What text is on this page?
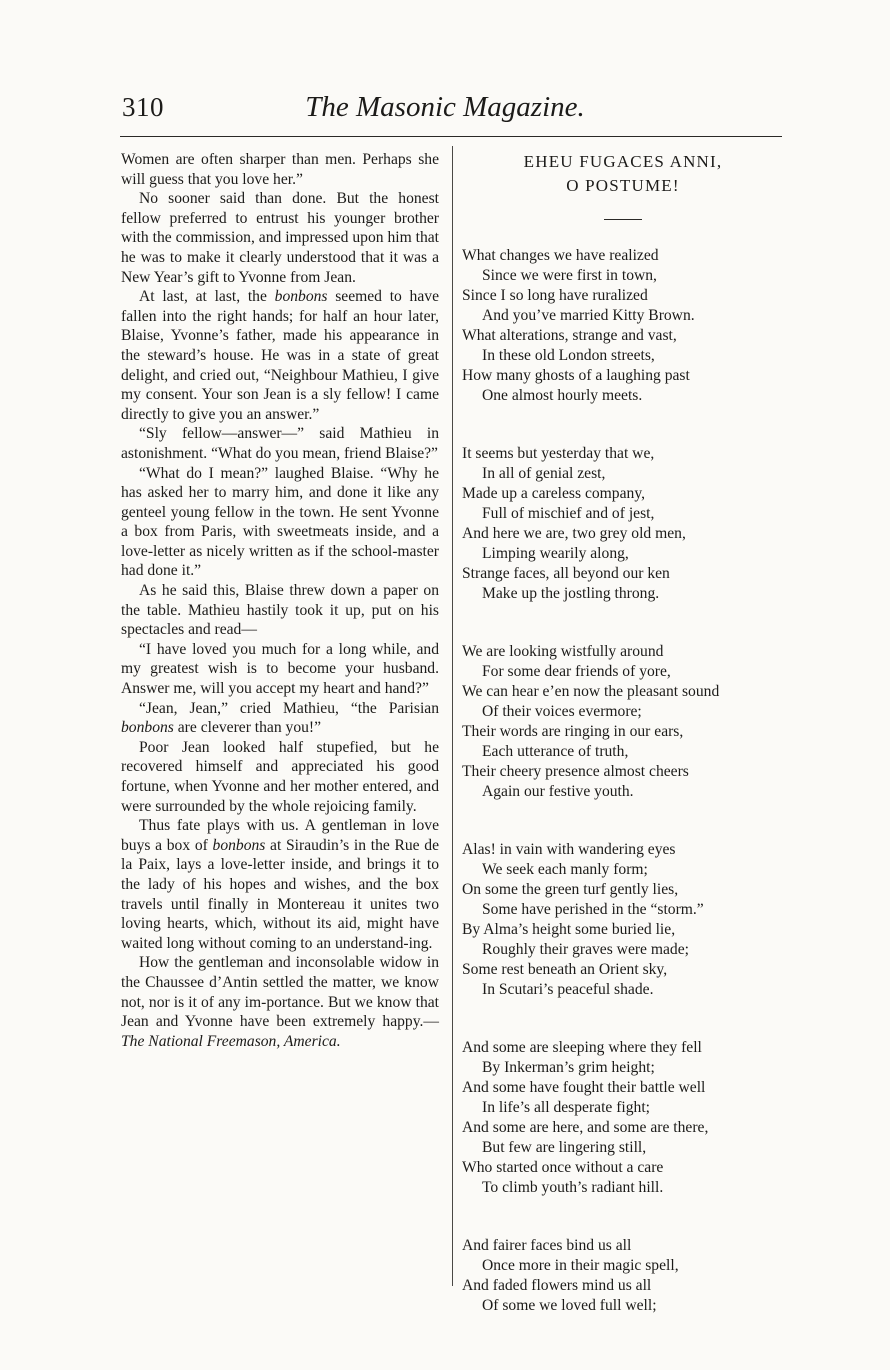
310	The Masonic Magazine.

Women are often sharper than men. Perhaps she will guess that you love her.”

No sooner said than done. But the honest fellow preferred to entrust his younger brother with the commission, and impressed upon him that he was to make it clearly understood that it was a New Year’s gift to Yvonne from Jean.

At last, at last, the bonbons seemed to have fallen into the right hands; for half an hour later, Blaise, Yvonne’s father, made his appearance in the steward’s house. He was in a state of great delight, and cried out, “Neighbour Mathieu, I give my consent. Your son Jean is a sly fellow! I came directly to give you an answer.”

“Sly fellow—answer—” said Mathieu in astonishment. “What do you mean, friend Blaise?”

“What do I mean?” laughed Blaise. “Why he has asked her to marry him, and done it like any genteel young fellow in the town. He sent Yvonne a box from Paris, with sweetmeats inside, and a love-letter as nicely written as if the school-master had done it.”

As he said this, Blaise threw down a paper on the table. Mathieu hastily took it up, put on his spectacles and read—

“I have loved you much for a long while, and my greatest wish is to become your husband. Answer me, will you accept my heart and hand?”

“Jean, Jean,” cried Mathieu, “the Parisian bonbons are cleverer than you!”

Poor Jean looked half stupefied, but he recovered himself and appreciated his good fortune, when Yvonne and her mother entered, and were surrounded by the whole rejoicing family.

Thus fate plays with us. A gentleman in love buys a box of bonbons at Siraudin’s in the Rue de la Paix, lays a love-letter inside, and brings it to the lady of his hopes and wishes, and the box travels until finally in Montereau it unites two loving hearts, which, without its aid, might have waited long without coming to an understand-ing.

How the gentleman and inconsolable widow in the Chaussee d’Antin settled the matter, we know not, nor is it of any im-portance. But we know that Jean and Yvonne have been extremely happy.—The National Freemason, America.

EHEU FUGACES ANNI,

O POSTUME!

What changes we have realized
Since we were first in town,
Since I so long have ruralized
And you’ve married Kitty Brown.
What alterations, strange and vast,
In these old London streets,
How many ghosts of a laughing past
One almost hourly meets.
It seems but yesterday that we,
In all of genial zest,
Made up a careless company,
Full of mischief and of jest,
And here we are, two grey old men,
Limping wearily along,
Strange faces, all beyond our ken
Make up the jostling throng.
We are looking wistfully around
For some dear friends of yore,
We can hear e’en now the pleasant sound
Of their voices evermore;
Their words are ringing in our ears,
Each utterance of truth,
Their cheery presence almost cheers
Again our festive youth.
Alas! in vain with wandering eyes
We seek each manly form;
On some the green turf gently lies,
Some have perished in the “storm.”
By Alma’s height some buried lie,
Roughly their graves were made;
Some rest beneath an Orient sky,
In Scutari’s peaceful shade.
And some are sleeping where they fell
By Inkerman’s grim height;
And some have fought their battle well
In life’s all desperate fight;
And some are here, and some are there,
But few are lingering still,
Who started once without a care
To climb youth’s radiant hill.
And fairer faces bind us all
Once more in their magic spell,
And faded flowers mind us all
Of some we loved full well;
